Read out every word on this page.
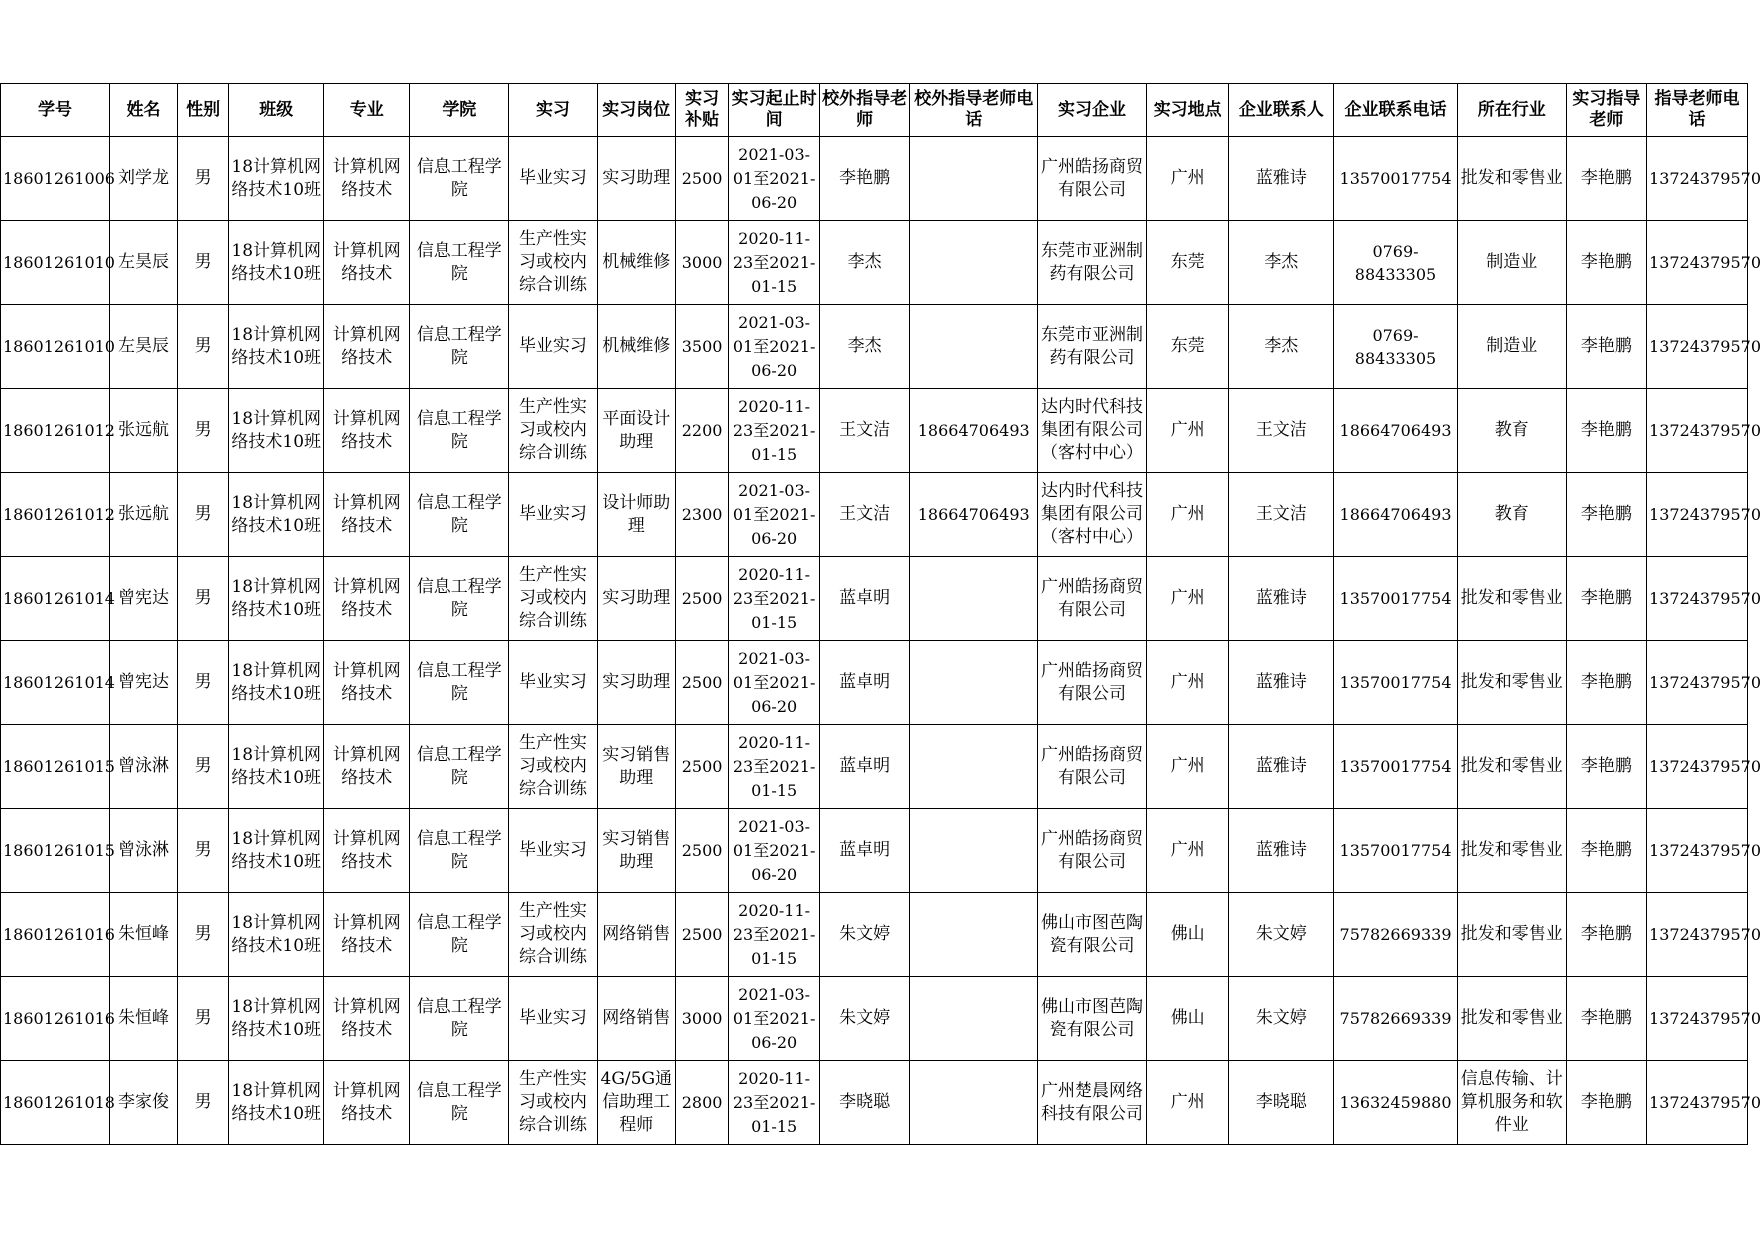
学号	姓名	性别	班级	专业	学院	实习	实习岗位	实习补贴	实习起止时间	校外指导老师	校外指导老师电话	实习企业	实习地点	企业联系人	企业联系电话	所在行业	实习指导老师	指导老师电话

18601261006	刘学龙	男	18计算机网络技术10班	计算机网络技术	信息工程学院	毕业实习	实习助理	2500	2021-03-01至2021-06-20	李艳鹏		广州皓扬商贸有限公司	广州	蓝雅诗	13570017754	批发和零售业	李艳鹏	13724379570

18601261010	左昊辰	男	18计算机网络技术10班	计算机网络技术	信息工程学院	生产性实习或校内综合训练	机械维修	3000	2020-11-23至2021-01-15	李杰		东莞市亚洲制药有限公司	东莞	李杰	0769-88433305	制造业	李艳鹏	13724379570

18601261010	左昊辰	男	18计算机网络技术10班	计算机网络技术	信息工程学院	毕业实习	机械维修	3500	2021-03-01至2021-06-20	李杰		东莞市亚洲制药有限公司	东莞	李杰	0769-88433305	制造业	李艳鹏	13724379570

18601261012	张远航	男	18计算机网络技术10班	计算机网络技术	信息工程学院	生产性实习或校内综合训练	平面设计助理	2200	2020-11-23至2021-01-15	王文洁	18664706493	达内时代科技集团有限公司（客村中心）	广州	王文洁	18664706493	教育	李艳鹏	13724379570

18601261012	张远航	男	18计算机网络技术10班	计算机网络技术	信息工程学院	毕业实习	设计师助理	2300	2021-03-01至2021-06-20	王文洁	18664706493	达内时代科技集团有限公司（客村中心）	广州	王文洁	18664706493	教育	李艳鹏	13724379570

18601261014	曾宪达	男	18计算机网络技术10班	计算机网络技术	信息工程学院	生产性实习或校内综合训练	实习助理	2500	2020-11-23至2021-01-15	蓝卓明		广州皓扬商贸有限公司	广州	蓝雅诗	13570017754	批发和零售业	李艳鹏	13724379570

18601261014	曾宪达	男	18计算机网络技术10班	计算机网络技术	信息工程学院	毕业实习	实习助理	2500	2021-03-01至2021-06-20	蓝卓明		广州皓扬商贸有限公司	广州	蓝雅诗	13570017754	批发和零售业	李艳鹏	13724379570

18601261015	曾泳淋	男	18计算机网络技术10班	计算机网络技术	信息工程学院	生产性实习或校内综合训练	实习销售助理	2500	2020-11-23至2021-01-15	蓝卓明		广州皓扬商贸有限公司	广州	蓝雅诗	13570017754	批发和零售业	李艳鹏	13724379570

18601261015	曾泳淋	男	18计算机网络技术10班	计算机网络技术	信息工程学院	毕业实习	实习销售助理	2500	2021-03-01至2021-06-20	蓝卓明		广州皓扬商贸有限公司	广州	蓝雅诗	13570017754	批发和零售业	李艳鹏	13724379570

18601261016	朱恒峰	男	18计算机网络技术10班	计算机网络技术	信息工程学院	生产性实习或校内综合训练	网络销售	2500	2020-11-23至2021-01-15	朱文婷		佛山市图芭陶瓷有限公司	佛山	朱文婷	75782669339	批发和零售业	李艳鹏	13724379570

18601261016	朱恒峰	男	18计算机网络技术10班	计算机网络技术	信息工程学院	毕业实习	网络销售	3000	2021-03-01至2021-06-20	朱文婷		佛山市图芭陶瓷有限公司	佛山	朱文婷	75782669339	批发和零售业	李艳鹏	13724379570

18601261018	李家俊	男	18计算机网络技术10班	计算机网络技术	信息工程学院	生产性实习或校内综合训练	4G/5G通信助理工程师	2800	2020-11-23至2021-01-15	李晓聪		广州楚晨网络科技有限公司	广州	李晓聪	13632459880	信息传输、计算机服务和软件业	李艳鹏	13724379570
